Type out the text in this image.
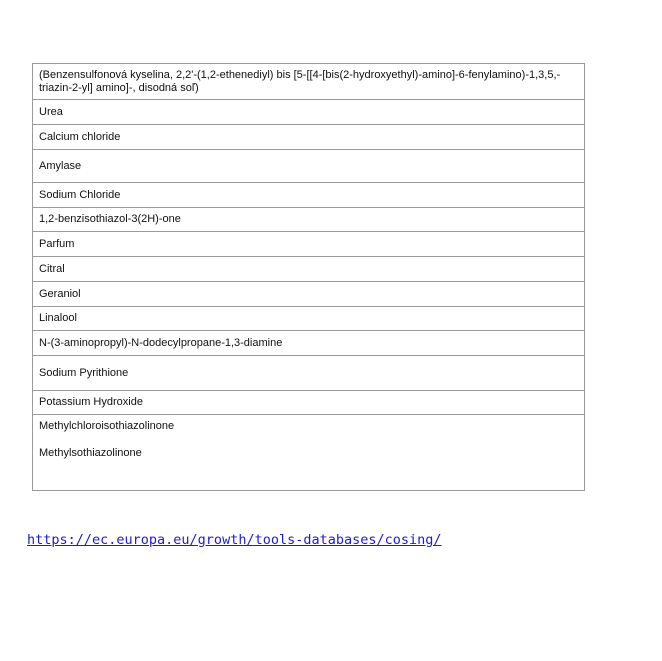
(Benzensulfonová kyselina, 2,2'-(1,2-ethenediyl) bis [5-[[4-[bis(2-hydroxyethyl)-amino]-6-fenylamino)-1,3,5,-triazin-2-yl] amino]-, disodná soľ)
Urea
Calcium chloride
Amylase
Sodium Chloride
1,2-benzisothiazol-3(2H)-one
Parfum
Citral
Geraniol
Linalool
N-(3-aminopropyl)-N-dodecylpropane-1,3-diamine
Sodium Pyrithione
Potassium Hydroxide
Methylchloroisothiazolinone
Methylsothiazolinone
https://ec.europa.eu/growth/tools-databases/cosing/
